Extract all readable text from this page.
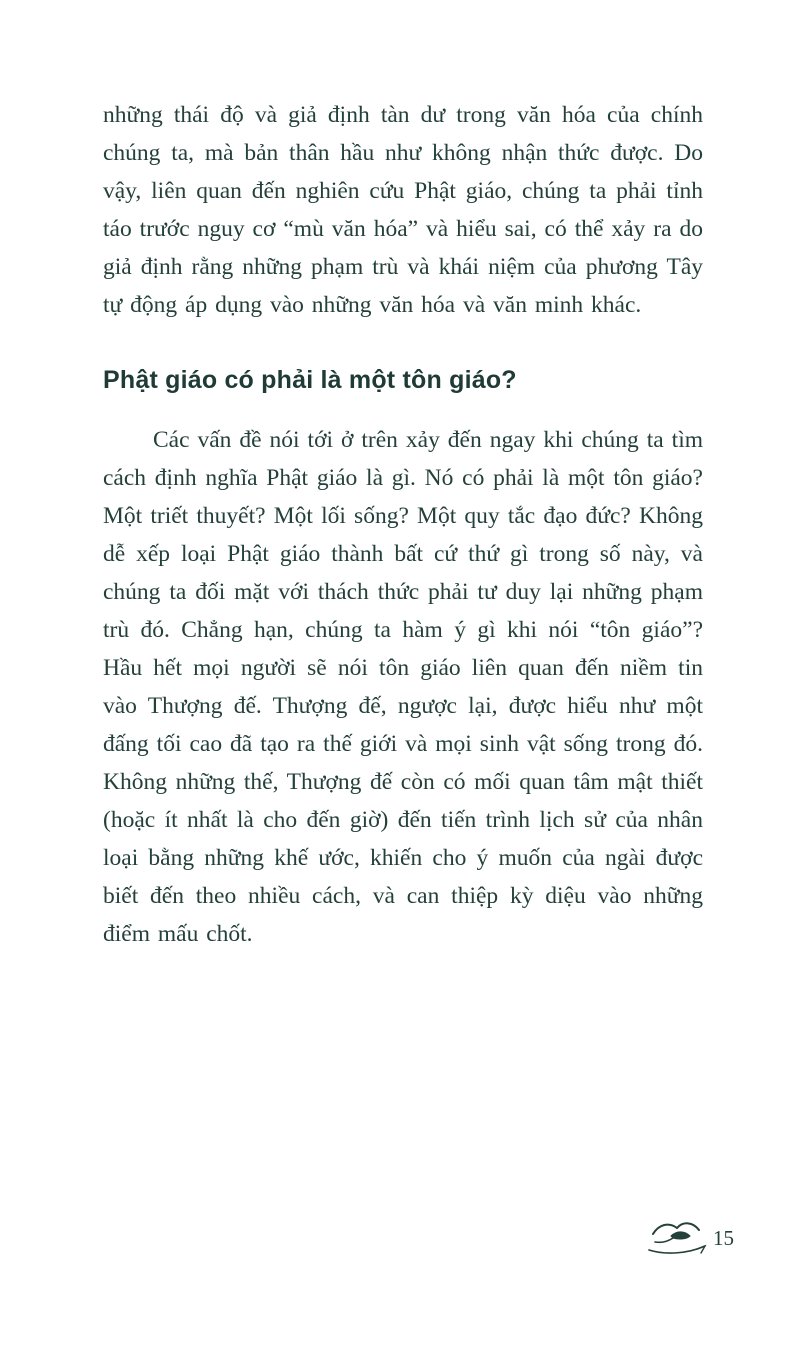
những thái độ và giả định tàn dư trong văn hóa của chính chúng ta, mà bản thân hầu như không nhận thức được. Do vậy, liên quan đến nghiên cứu Phật giáo, chúng ta phải tỉnh táo trước nguy cơ “mù văn hóa” và hiểu sai, có thể xảy ra do giả định rằng những phạm trù và khái niệm của phương Tây tự động áp dụng vào những văn hóa và văn minh khác.

Phật giáo có phải là một tôn giáo?

Các vấn đề nói tới ở trên xảy đến ngay khi chúng ta tìm cách định nghĩa Phật giáo là gì. Nó có phải là một tôn giáo? Một triết thuyết? Một lối sống? Một quy tắc đạo đức? Không dễ xếp loại Phật giáo thành bất cứ thứ gì trong số này, và chúng ta đối mặt với thách thức phải tư duy lại những phạm trù đó. Chẳng hạn, chúng ta hàm ý gì khi nói “tôn giáo”? Hầu hết mọi người sẽ nói tôn giáo liên quan đến niềm tin vào Thượng đế. Thượng đế, ngược lại, được hiểu như một đấng tối cao đã tạo ra thế giới và mọi sinh vật sống trong đó. Không những thế, Thượng đế còn có mối quan tâm mật thiết (hoặc ít nhất là cho đến giờ) đến tiến trình lịch sử của nhân loại bằng những khế ước, khiến cho ý muốn của ngài được biết đến theo nhiều cách, và can thiệp kỳ diệu vào những điểm mấu chốt.

15
